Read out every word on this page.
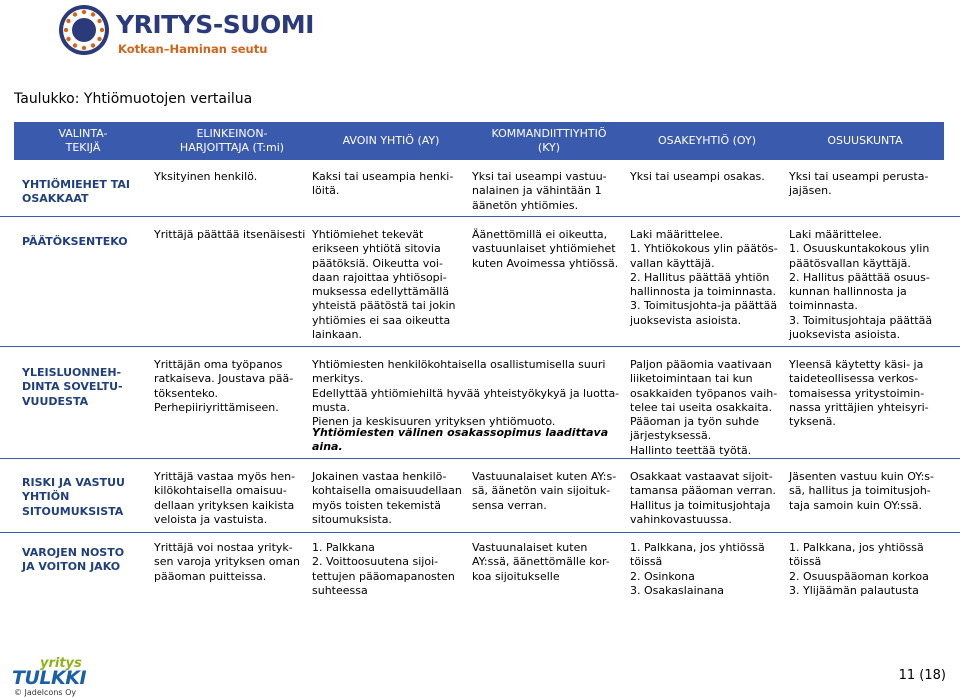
YRITYS-SUOMI
Kotkan–Haminan seutu
Taulukko: Yhtiömuotojen vertailua
VALINTA-
TEKIJÄ
ELINKEINON-
HARJOITTAJA (T:mi)
AVOIN YHTIÖ (AY)
KOMMANDIITTIYHTIÖ
(KY)
OSAKEYHTIÖ (OY)	OSUUSKUNTA
YHTIÖMIEHET TAI
OSAKKAAT
Yksityinen henkilö.	Kaksi tai useampia henki-
löitä.
Yksi tai useampi vastuu-
nalainen ja vähintään 1
äänetön yhtiömies.
Yksi tai useampi osakas. Yksi tai useampi perusta-
jajäsen.
PÄÄTÖKSENTEKO
Yrittäjä päättää itsenäisesti Yhtiömiehet tekevät
erikseen yhtiötä sitovia
päätöksiä. Oikeutta voi-
daan rajoittaa yhtiösopi-
muksessa edellyttämällä
yhteistä päätöstä tai jokin
yhtiömies ei saa oikeutta
lainkaan.
Äänettömillä ei oikeutta,
vastuunlaiset yhtiömiehet
kuten Avoimessa yhtiössä.
Laki määrittelee.
1. Yhtiökokous ylin päätös-
vallan käyttäjä.
2. Hallitus päättää yhtiön
hallinnosta ja toiminnasta.
3. Toimitusjohta-ja päättää
juoksevista asioista.
Laki määrittelee.
1. Osuuskuntakokous ylin
päätösvallan käyttäjä.
2. Hallitus päättää osuus-
kunnan hallinnosta ja
toiminnasta.
3. Toimitusjohtaja päättää
juoksevista asioista.
YLEISLUONNEH-
DINTA SOVELTU-
VUUDESTA
Yrittäjän oma työpanos
ratkaiseva. Joustava pää-
töksenteko.
Perhepiiriyrittämiseen.
Yhtiömiesten henkilökohtaisella osallistumisella suuri
merkitys.
Edellyttää yhtiömiehiltä hyvää yhteistyökykyä ja luotta-
musta.
Pienen ja keskisuuren yrityksen yhtiömuoto.
Yhtiömiesten välinen osakassopimus laadittava
aina.
Paljon pääomia vaativaan
liiketoimintaan tai kun
osakkaiden työpanos vaih-
telee tai useita osakkaita.
Pääoman ja työn suhde
järjestyksessä.
Hallinto teettää työtä.
Yleensä käytetty käsi- ja
taideteollisessa verkos-
tomaisessa yritystoimin-
nassa yrittäjien yhteisyri-
tyksenä.
RISKI JA VASTUU
YHTIÖN
SITOUMUKSISTA
Yrittäjä vastaa myös hen-
kilökohtaisella omaisuu-
dellaan yrityksen kaikista
veloista ja vastuista.
Jokainen vastaa henkilö-
kohtaisella omaisuudellaan
myös toisten tekemistä
sitoumuksista.
Vastuunalaiset kuten AY:s-
sä, äänetön vain sijoituk-
sensa verran.
Osakkaat vastaavat sijoit-
tamansa pääoman verran.
Hallitus ja toimitusjohtaja
vahinkovastuussa.
Jäsenten vastuu kuin OY:s-
sä, hallitus ja toimitusjoh-
taja samoin kuin OY:ssä.
VAROJEN NOSTO
JA VOITON JAKO
Yrittäjä voi nostaa yrityk-
sen varoja yrityksen oman
pääoman puitteissa.
1. Palkkana
2. Voittoosuutena sijoi-
tettujen pääomapanosten
suhteessa
Vastuunalaiset kuten
AY:ssä, äänettömälle kor-
koa sijoitukselle
1. Palkkana, jos yhtiössä
töissä
2. Osinkona
3. Osakaslainana
1. Palkkana, jos yhtiössä
töissä
2. Osuuspääoman korkoa
3. Ylijäämän palautusta
yritys
TULKKI
© Jadelcons Oy
11 (18)
